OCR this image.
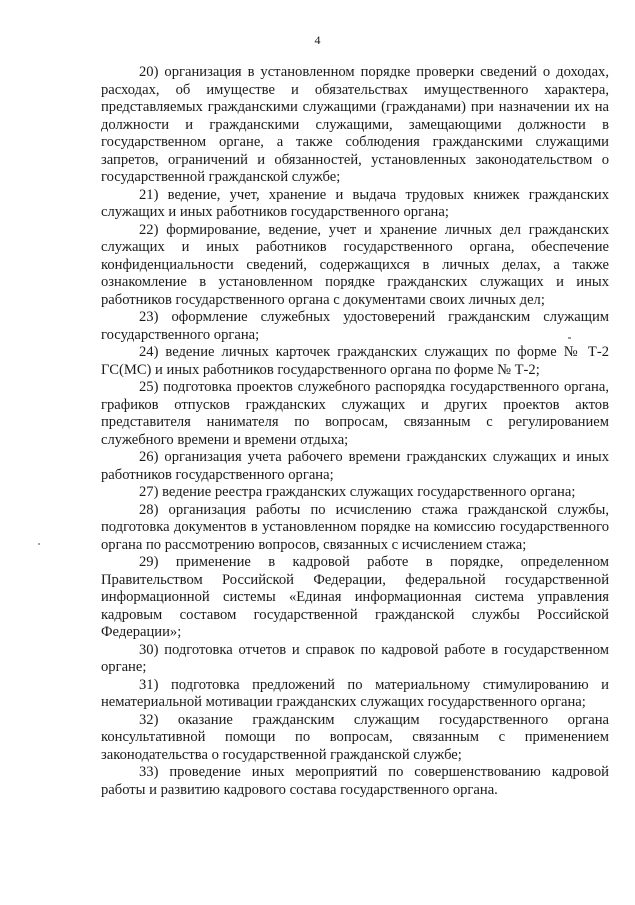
4

20) организация в установленном порядке проверки сведений о доходах, расходах, об имуществе и обязательствах имущественного характера, представляемых гражданскими служащими (гражданами) при назначении их на должности и гражданскими служащими, замещающими должности в государственном органе, а также соблюдения гражданскими служащими запретов, ограничений и обязанностей, установленных законодательством о государственной гражданской службе;

21) ведение, учет, хранение и выдача трудовых книжек гражданских служащих и иных работников государственного органа;

22) формирование, ведение, учет и хранение личных дел гражданских служащих и иных работников государственного органа, обеспечение конфиденциальности сведений, содержащихся в личных делах, а также ознакомление в установленном порядке гражданских служащих и иных работников государственного органа с документами своих личных дел;

23) оформление служебных удостоверений гражданским служащим государственного органа;

24) ведение личных карточек гражданских служащих по форме № Т-2 ГС(МС) и иных работников государственного органа по форме № Т-2;

25) подготовка проектов служебного распорядка государственного органа, графиков отпусков гражданских служащих и других проектов актов представителя нанимателя по вопросам, связанным с регулированием служебного времени и времени отдыха;

26) организация учета рабочего времени гражданских служащих и иных работников государственного органа;

27) ведение реестра гражданских служащих государственного органа;

28) организация работы по исчислению стажа гражданской службы, подготовка документов в установленном порядке на комиссию государственного органа по рассмотрению вопросов, связанных с исчислением стажа;

29) применение в кадровой работе в порядке, определенном Правительством Российской Федерации, федеральной государственной информационной системы «Единая информационная система управления кадровым составом государственной гражданской службы Российской Федерации»;

30) подготовка отчетов и справок по кадровой работе в государственном органе;

31) подготовка предложений по материальному стимулированию и нематериальной мотивации гражданских служащих государственного органа;

32) оказание гражданским служащим государственного органа консультативной помощи по вопросам, связанным с применением законодательства о государственной гражданской службе;

33) проведение иных мероприятий по совершенствованию кадровой работы и развитию кадрового состава государственного органа.
